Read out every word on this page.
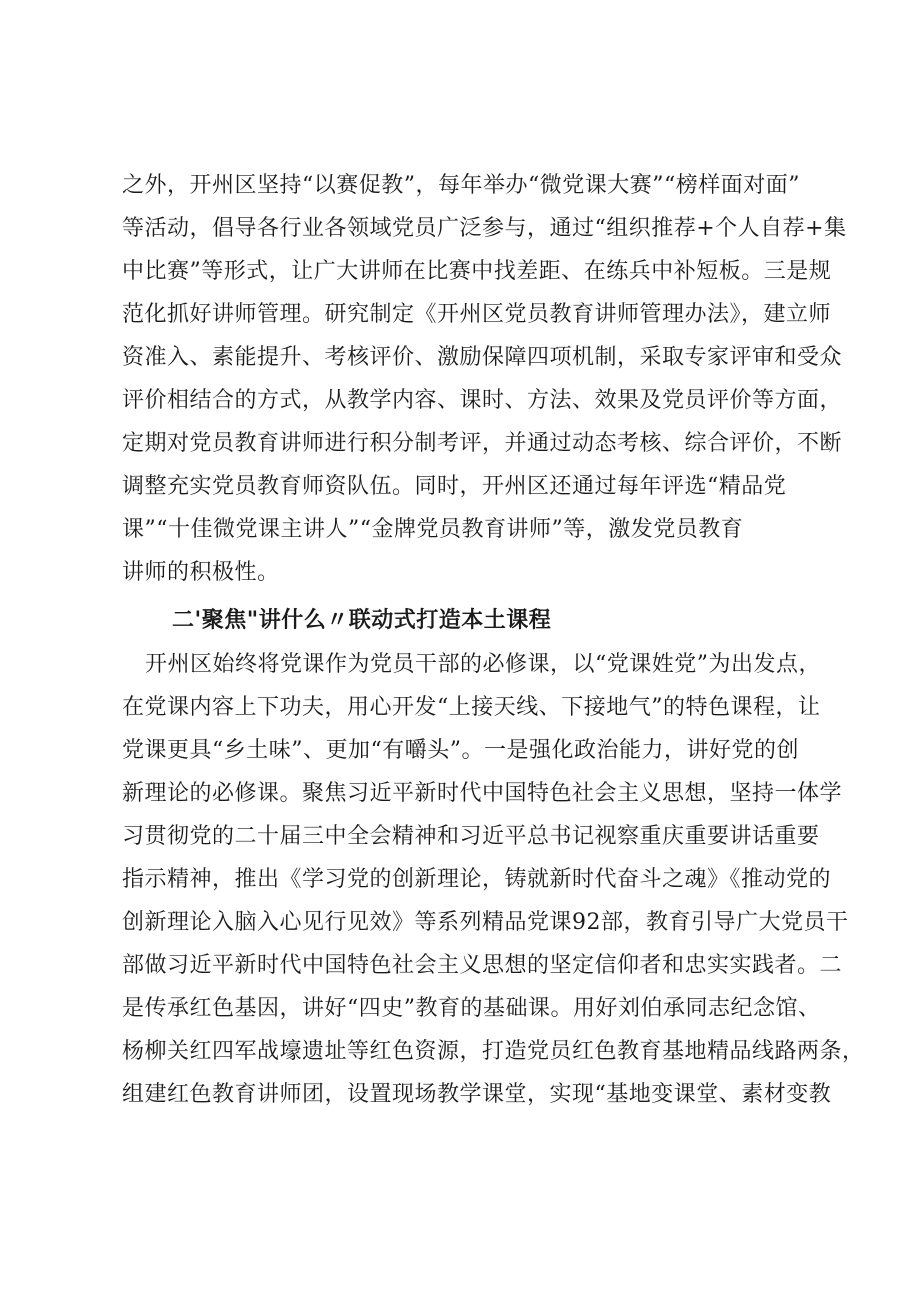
之外，开州区坚持“以赛促教”，每年举办“微党课大赛”“榜样面对面”
等活动，倡导各行业各领域党员广泛参与，通过“组织推荐+个人自荐+集
中比赛”等形式，让广大讲师在比赛中找差距、在练兵中补短板。三是规
范化抓好讲师管理。研究制定《开州区党员教育讲师管理办法》，建立师
资准入、素能提升、考核评价、激励保障四项机制，采取专家评审和受众
评价相结合的方式，从教学内容、课时、方法、效果及党员评价等方面，
定期对党员教育讲师进行积分制考评，并通过动态考核、综合评价，不断
调整充实党员教育师资队伍。同时，开州区还通过每年评选“精品党
课”“十佳微党课主讲人”“金牌党员教育讲师”等，激发党员教育
讲师的积极性。
二'聚焦"讲什么〃联动式打造本土课程
开州区始终将党课作为党员干部的必修课，以“党课姓党”为出发点，
在党课内容上下功夫，用心开发“上接天线、下接地气”的特色课程，让
党课更具“乡土味”、更加“有嚼头”。一是强化政治能力，讲好党的创
新理论的必修课。聚焦习近平新时代中国特色社会主义思想，坚持一体学
习贯彻党的二十届三中全会精神和习近平总书记视察重庆重要讲话重要
指示精神，推出《学习党的创新理论，铸就新时代奋斗之魂》《推动党的
创新理论入脑入心见行见效》等系列精品党课92部，教育引导广大党员干
部做习近平新时代中国特色社会主义思想的坚定信仰者和忠实实践者。二
是传承红色基因，讲好“四史”教育的基础课。用好刘伯承同志纪念馆、
杨柳关红四军战壕遗址等红色资源，打造党员红色教育基地精品线路两条，
组建红色教育讲师团，设置现场教学课堂，实现“基地变课堂、素材变教
